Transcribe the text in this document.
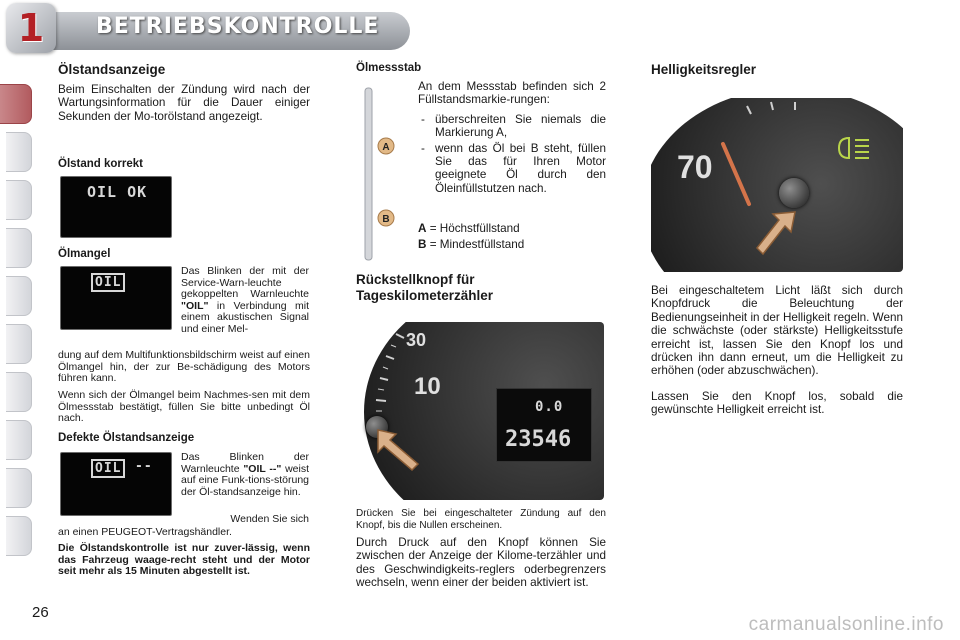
1 BETRIEBSKONTROLLE
Ölstandsanzeige
Beim Einschalten der Zündung wird nach der Wartungsinformation für die Dauer einiger Sekunden der Mo-torölstand angezeigt.
Ölstand korrekt
OIL OK
Ölmangel
OIL
Das Blinken der mit der Service-Warn-leuchte gekoppelten Warnleuchte "OIL" in Verbindung mit einem akustischen Signal und einer Mel-
dung auf dem Multifunktionsbildschirm weist auf einen Ölmangel hin, der zur Be-schädigung des Motors führen kann.
Wenn sich der Ölmangel beim Nachmes-sen mit dem Ölmessstab bestätigt, füllen Sie bitte unbedingt Öl nach.
Defekte Ölstandsanzeige
OIL	--
Das Blinken der Warnleuchte "OIL --" weist auf eine Funk-tions-störung der Öl-standsanzeige hin.
Wenden Sie sich
an einen PEUGEOT-Vertragshändler.
Die Ölstandskontrolle ist nur zuver-lässig, wenn das Fahrzeug waage-recht steht und der Motor seit mehr als 15 Minuten abgestellt ist.
Ölmessstab
A
B
An dem Messstab befinden sich 2 Füllstandsmarkie-rungen:
- überschreiten Sie niemals die Markierung A,
- wenn das Öl bei B steht, füllen Sie das für Ihren Motor geeignete Öl durch den Öleinfüllstutzen nach.
A = Höchstfüllstand
B = Mindestfüllstand
Rückstellknopf für
Tageskilometerzähler
30
10
0.0
23546
Drücken Sie bei eingeschalteter Zündung auf den Knopf, bis die Nullen erscheinen.
Durch Druck auf den Knopf können Sie zwischen der Anzeige der Kilome-terzähler und des Geschwindigkeits-reglers oderbegrenzers wechseln, wenn einer der beiden aktiviert ist.
Helligkeitsregler
70
Bei eingeschaltetem Licht läßt sich durch Knopfdruck die Beleuchtung der Bedienungseinheit in der Helligkeit regeln. Wenn die schwächste (oder stärkste) Helligkeitsstufe erreicht ist, lassen Sie den Knopf los und drücken ihn dann erneut, um die Helligkeit zu erhöhen (oder abzuschwächen).
Lassen Sie den Knopf los, sobald die gewünschte Helligkeit erreicht ist.
26
carmanualsonline.info
